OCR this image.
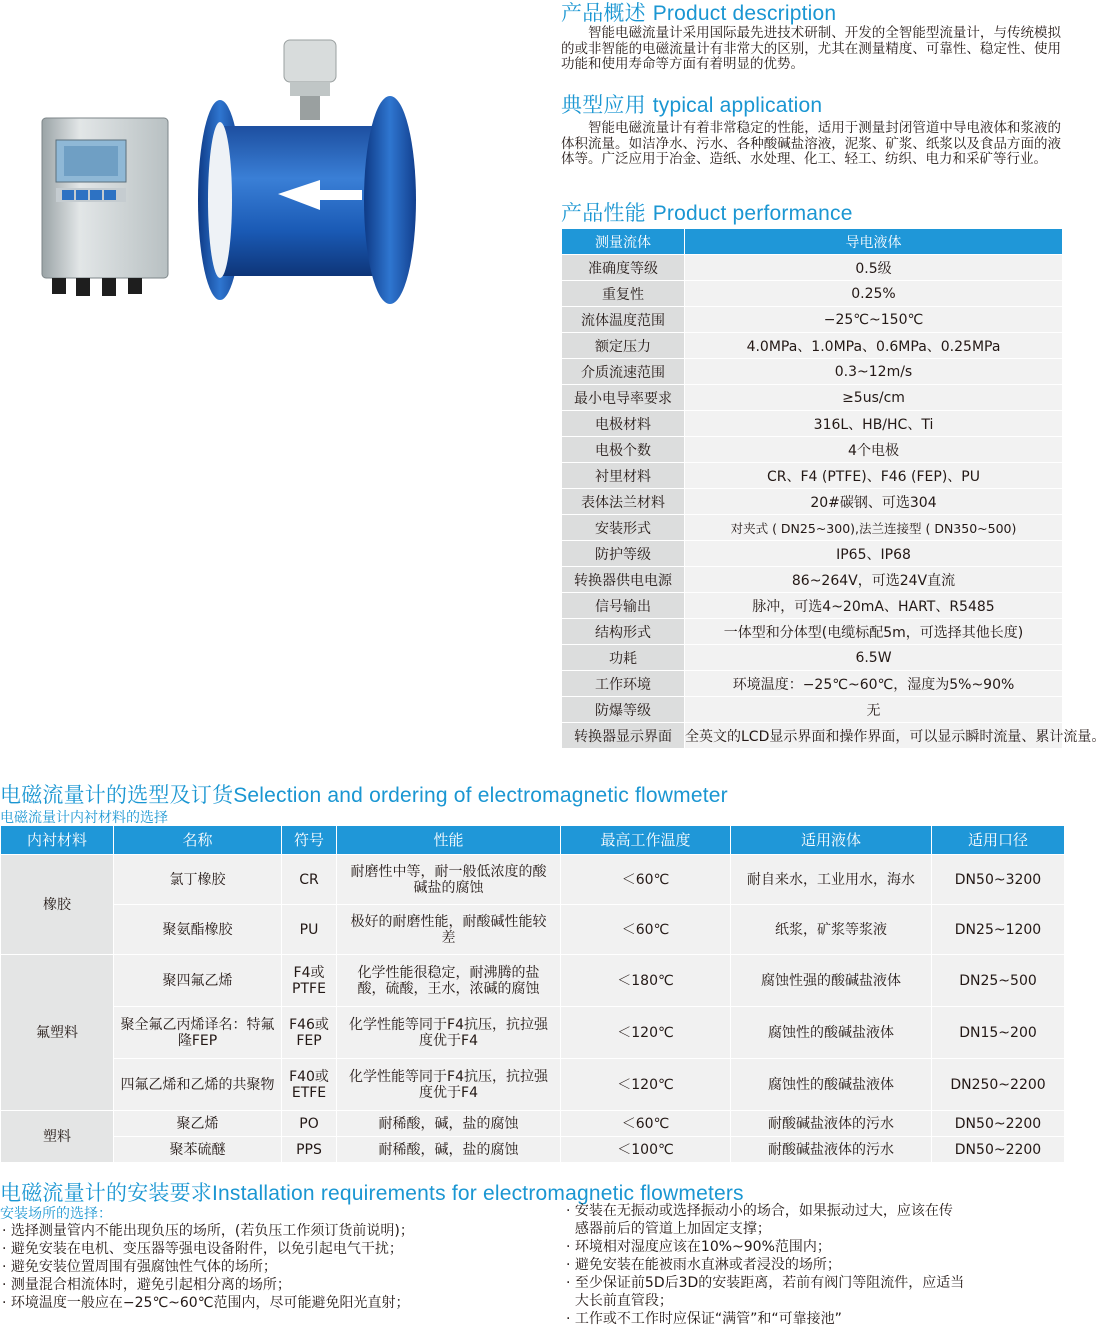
产品概述 Product description

智能电磁流量计采用国际最先进技术研制、开发的全智能型流量计，与传统模拟的或非智能的电磁流量计有非常大的区别，尤其在测量精度、可靠性、稳定性、使用功能和使用寿命等方面有着明显的优势。

典型应用 typical application

智能电磁流量计有着非常稳定的性能，适用于测量封闭管道中导电液体和浆液的体积流量。如洁净水、污水、各种酸碱盐溶液，泥浆、矿浆、纸浆以及食品方面的液体等。广泛应用于冶金、造纸、水处理、化工、轻工、纺织、电力和采矿等行业。

产品性能 Product performance
测量流体	导电液体
准确度等级	0.5级
重复性	0.25%
流体温度范围	−25℃~150℃
额定压力	4.0MPa、1.0MPa、0.6MPa、0.25MPa
介质流速范围	0.3~12m/s
最小电导率要求	≥5us/cm
电极材料	316L、HB/HC、Ti
电极个数	4个电极
衬里材料	CR、F4 (PTFE)、F46 (FEP)、PU
表体法兰材料	20#碳钢、可选304
安装形式	对夹式 ( DN25~300),法兰连接型 ( DN350~500)
防护等级	IP65、IP68
转换器供电电源	86~264V，可选24V直流
信号输出	脉冲，可选4~20mA、HART、R5485
结构形式	一体型和分体型(电缆标配5m，可选择其他长度)
功耗	6.5W
工作环境	环境温度：−25℃~60℃，湿度为5%~90%
防爆等级	无
转换器显示界面	全英文的LCD显示界面和操作界面，可以显示瞬时流量、累计流量。
电磁流量计的选型及订货Selection and ordering of electromagnetic flowmeter
电磁流量计内衬材料的选择
内衬材料	名称	符号	性能	最高工作温度	适用液体	适用口径
橡胶	氯丁橡胶	CR	耐磨性中等，耐一般低浓度的酸碱盐的腐蚀	＜60℃	耐自来水，工业用水，海水	DN50~3200
	聚氨酯橡胶	PU	极好的耐磨性能，耐酸碱性能较差	＜60℃	纸浆，矿浆等浆液	DN25~1200
氟塑料	聚四氟乙烯	F4或PTFE	化学性能很稳定，耐沸腾的盐酸，硫酸，王水，浓碱的腐蚀	＜180℃	腐蚀性强的酸碱盐液体	DN25~500
	聚全氟乙丙烯译名：特氟隆FEP	F46或FEP	化学性能等同于F4抗压，抗拉强度优于F4	＜120℃	腐蚀性的酸碱盐液体	DN15~200
	四氟乙烯和乙烯的共聚物	F40或ETFE	化学性能等同于F4抗压，抗拉强度优于F4	＜120℃	腐蚀性的酸碱盐液体	DN250~2200
塑料	聚乙烯	PO	耐稀酸，碱，盐的腐蚀	＜60℃	耐酸碱盐液体的污水	DN50~2200
	聚苯硫醚	PPS	耐稀酸，碱，盐的腐蚀	＜100℃	耐酸碱盐液体的污水	DN50~2200
电磁流量计的安装要求Installation requirements for electromagnetic flowmeters
安装场所的选择：
· 选择测量管内不能出现负压的场所，(若负压工作须订货前说明)；
· 避免安装在电机、变压器等强电设备附件，以免引起电气干扰；
· 避免安装位置周围有强腐蚀性气体的场所；
· 测量混合相流体时，避免引起相分离的场所；
· 环境温度一般应在−25℃~60℃范围内，尽可能避免阳光直射；
· 安装在无振动或选择振动小的场合，如果振动过大，应该在传
感器前后的管道上加固定支撑；
· 环境相对湿度应该在10%~90%范围内；
· 避免安装在能被雨水直淋或者浸没的场所；
· 至少保证前5D后3D的安装距离，若前有阀门等阻流件，应适当
大长前直管段；
· 工作或不工作时应保证“满管”和“可靠接池”
